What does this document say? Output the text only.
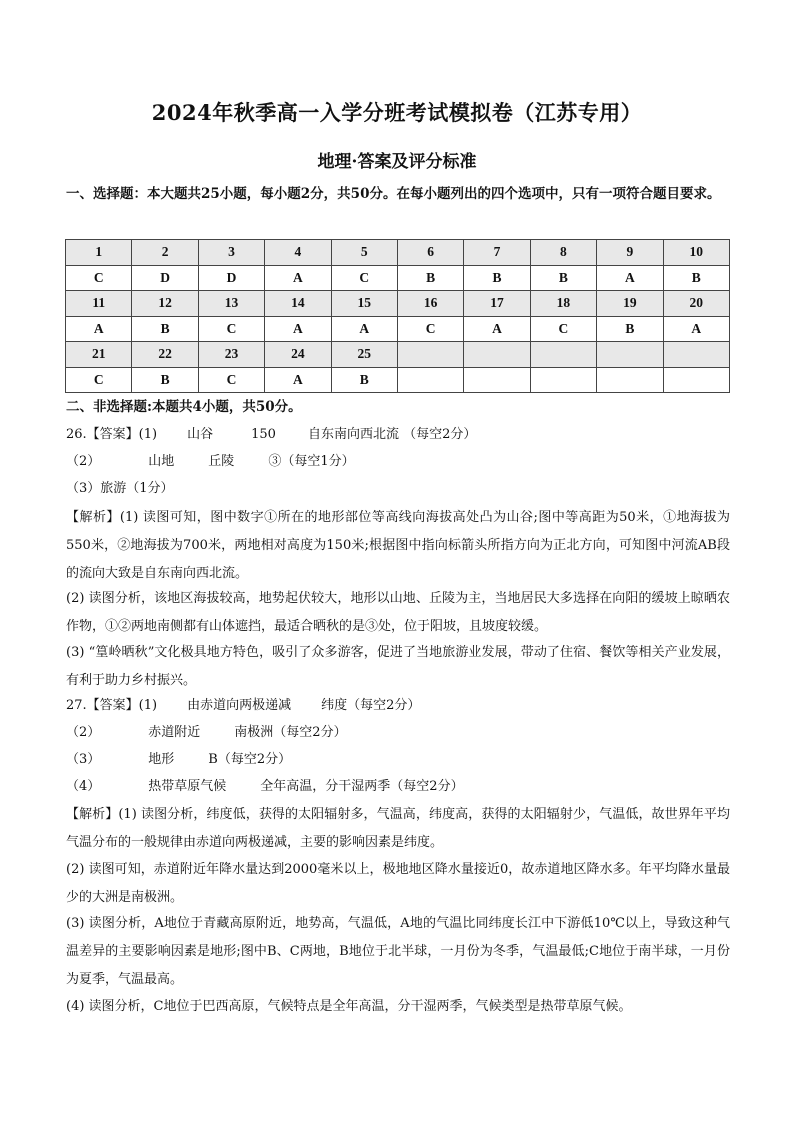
2024年秋季高一入学分班考试模拟卷（江苏专用）
地理·答案及评分标准
一、选择题：本大题共25小题，每小题2分，共50分。在每小题列出的四个选项中，只有一项符合题目要求。
1	2	3	4	5	6	7	8	9	10
C	D	D	A	C	B	B	B	A	B
11	12	13	14	15	16	17	18	19	20
A	B	C	A	A	C	A	C	B	A
21	22	23	24	25					
C	B	C	A	B					
二、非选择题:本题共4小题，共50分。
26.【答案】(1) 山谷	150 自东南向西北流 （每空2分）
（2）	山地	丘陵	③（每空1分）
（3）旅游（1分）
【解析】(1) 读图可知，图中数字①所在的地形部位等高线向海拔高处凸为山谷;图中等高距为50米，①地海拔为550米，②地海拔为700米，两地相对高度为150米;根据图中指向标箭头所指方向为正北方向，可知图中河流AB段的流向大致是自东南向西北流。
(2) 读图分析，该地区海拔较高，地势起伏较大，地形以山地、丘陵为主，当地居民大多选择在向阳的缓坡上晾晒农作物，①②两地南侧都有山体遮挡，最适合晒秋的是③处，位于阳坡，且坡度较缓。
(3) “篁岭晒秋”文化极具地方特色，吸引了众多游客，促进了当地旅游业发展，带动了住宿、餐饮等相关产业发展，有利于助力乡村振兴。
27.【答案】(1) 由赤道向两极递减 纬度（每空2分）
（2）	赤道附近	南极洲（每空2分）
（3）	地形	B（每空2分）
（4）	热带草原气候	全年高温，分干湿两季（每空2分）
【解析】(1) 读图分析，纬度低，获得的太阳辐射多，气温高，纬度高，获得的太阳辐射少，气温低，故世界年平均气温分布的一般规律由赤道向两极递减，主要的影响因素是纬度。
(2) 读图可知，赤道附近年降水量达到2000毫米以上，极地地区降水量接近0，故赤道地区降水多。年平均降水量最少的大洲是南极洲。
(3) 读图分析，A地位于青藏高原附近，地势高，气温低，A地的气温比同纬度长江中下游低10℃以上，导致这种气温差异的主要影响因素是地形;图中B、C两地，B地位于北半球，一月份为冬季，气温最低;C地位于南半球，一月份为夏季，气温最高。
(4) 读图分析，C地位于巴西高原，气候特点是全年高温，分干湿两季，气候类型是热带草原气候。
